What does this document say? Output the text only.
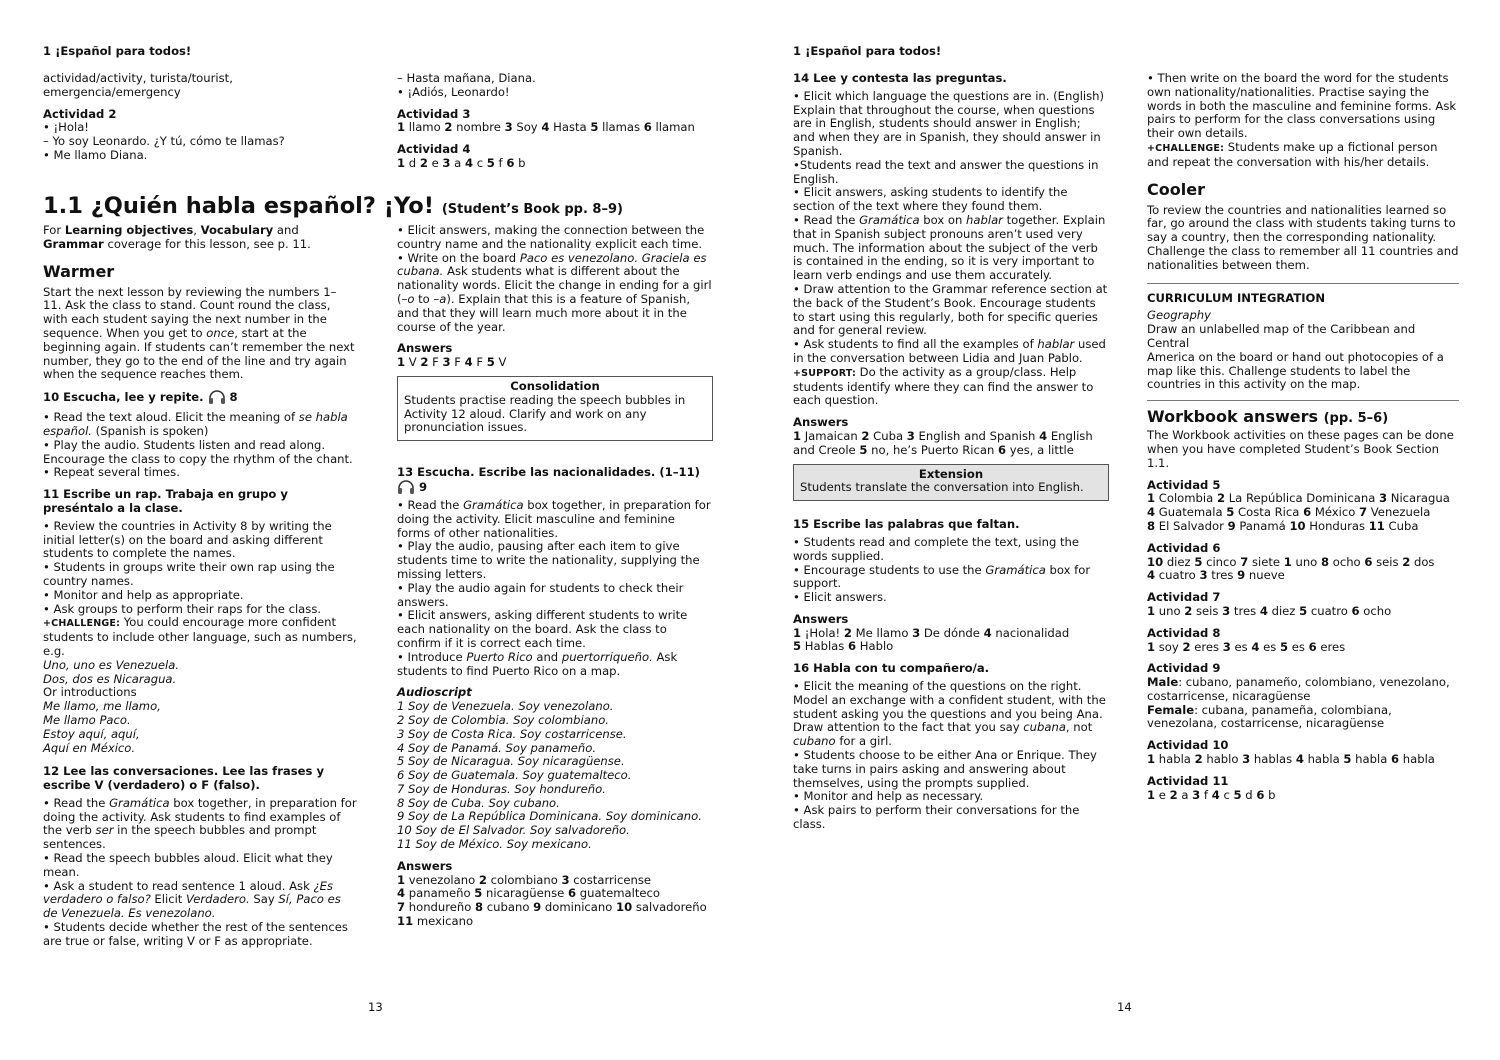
1 ¡Español para todos!

actividad/activity, turista/tourist,

emergencia/emergency

Actividad 2

• ¡Hola!

– Yo soy Leonardo. ¿Y tú, cómo te llamas?

• Me llamo Diana.

– Hasta mañana, Diana.

• ¡Adiós, Leonardo!

Actividad 3

1 llamo 2 nombre 3 Soy 4 Hasta 5 llamas 6 llaman

Actividad 4

1 d 2 e 3 a 4 c 5 f 6 b

1.1 ¿Quién habla español? ¡Yo! (Student’s Book pp. 8–9)

For Learning objectives, Vocabulary and

Grammar coverage for this lesson, see p. 11.

Warmer

Start the next lesson by reviewing the numbers 1–

11. Ask the class to stand. Count round the class,

with each student saying the next number in the

sequence. When you get to once, start at the

beginning again. If students can’t remember the next

number, they go to the end of the line and try again

when the sequence reaches them.

10 Escucha, lee y repite. 8

• Read the text aloud. Elicit the meaning of se habla

español. (Spanish is spoken)

• Play the audio. Students listen and read along.

Encourage the class to copy the rhythm of the chant.

• Repeat several times.

11 Escribe un rap. Trabaja en grupo y

preséntalo a la clase.

• Review the countries in Activity 8 by writing the

initial letter(s) on the board and asking different

students to complete the names.

• Students in groups write their own rap using the

country names.

• Monitor and help as appropriate.

• Ask groups to perform their raps for the class.

+CHALLENGE: You could encourage more confident

students to include other language, such as numbers,

e.g.

Uno, uno es Venezuela.

Dos, dos es Nicaragua.

Or introductions

Me llamo, me llamo,

Me llamo Paco.

Estoy aquí, aquí,

Aquí en México.

12 Lee las conversaciones. Lee las frases y

escribe V (verdadero) o F (falso).

• Read the Gramática box together, in preparation for

doing the activity. Ask students to find examples of

the verb ser in the speech bubbles and prompt

sentences.

• Read the speech bubbles aloud. Elicit what they

mean.

• Ask a student to read sentence 1 aloud. Ask ¿Es

verdadero o falso? Elicit Verdadero. Say Sí, Paco es

de Venezuela. Es venezolano.

• Students decide whether the rest of the sentences

are true or false, writing V or F as appropriate.

• Elicit answers, making the connection between the

country name and the nationality explicit each time.

• Write on the board Paco es venezolano. Graciela es

cubana. Ask students what is different about the

nationality words. Elicit the change in ending for a girl

(–o to –a). Explain that this is a feature of Spanish,

and that they will learn much more about it in the

course of the year.

Answers

1 V 2 F 3 F 4 F 5 V

Consolidation

Students practise reading the speech bubbles in

Activity 12 aloud. Clarify and work on any

pronunciation issues.

13 Escucha. Escribe las nacionalidades. (1–11)

9

• Read the Gramática box together, in preparation for

doing the activity. Elicit masculine and feminine

forms of other nationalities.

• Play the audio, pausing after each item to give

students time to write the nationality, supplying the

missing letters.

• Play the audio again for students to check their

answers.

• Elicit answers, asking different students to write

each nationality on the board. Ask the class to

confirm if it is correct each time.

• Introduce Puerto Rico and puertorriqueño. Ask

students to find Puerto Rico on a map.

Audioscript

1 Soy de Venezuela. Soy venezolano.

2 Soy de Colombia. Soy colombiano.

3 Soy de Costa Rica. Soy costarricense.

4 Soy de Panamá. Soy panameño.

5 Soy de Nicaragua. Soy nicaragüense.

6 Soy de Guatemala. Soy guatemalteco.

7 Soy de Honduras. Soy hondureño.

8 Soy de Cuba. Soy cubano.

9 Soy de La República Dominicana. Soy dominicano.

10 Soy de El Salvador. Soy salvadoreño.

11 Soy de México. Soy mexicano.

Answers

1 venezolano 2 colombiano 3 costarricense

4 panameño 5 nicaragüense 6 guatemalteco

7 hondureño 8 cubano 9 dominicano 10 salvadoreño

11 mexicano

13
1 ¡Español para todos!

14 Lee y contesta las preguntas.

• Elicit which language the questions are in. (English)

Explain that throughout the course, when questions

are in English, students should answer in English;

and when they are in Spanish, they should answer in

Spanish.

•Students read the text and answer the questions in

English.

• Elicit answers, asking students to identify the

section of the text where they found them.

• Read the Gramática box on hablar together. Explain

that in Spanish subject pronouns aren’t used very

much. The information about the subject of the verb

is contained in the ending, so it is very important to

learn verb endings and use them accurately.

• Draw attention to the Grammar reference section at

the back of the Student’s Book. Encourage students

to start using this regularly, both for specific queries

and for general review.

• Ask students to find all the examples of hablar used

in the conversation between Lidia and Juan Pablo.

+SUPPORT: Do the activity as a group/class. Help

students identify where they can find the answer to

each question.

Answers

1 Jamaican 2 Cuba 3 English and Spanish 4 English

and Creole 5 no, he’s Puerto Rican 6 yes, a little

Extension

Students translate the conversation into English.

15 Escribe las palabras que faltan.

• Students read and complete the text, using the

words supplied.

• Encourage students to use the Gramática box for

support.

• Elicit answers.

Answers

1 ¡Hola! 2 Me llamo 3 De dónde 4 nacionalidad

5 Hablas 6 Hablo

16 Habla con tu compañero/a.

• Elicit the meaning of the questions on the right.

Model an exchange with a confident student, with the

student asking you the questions and you being Ana.

Draw attention to the fact that you say cubana, not

cubano for a girl.

• Students choose to be either Ana or Enrique. They

take turns in pairs asking and answering about

themselves, using the prompts supplied.

• Monitor and help as necessary.

• Ask pairs to perform their conversations for the

class.

• Then write on the board the word for the students

own nationality/nationalities. Practise saying the

words in both the masculine and feminine forms. Ask

pairs to perform for the class conversations using

their own details.

+CHALLENGE: Students make up a fictional person

and repeat the conversation with his/her details.

Cooler

To review the countries and nationalities learned so

far, go around the class with students taking turns to

say a country, then the corresponding nationality.

Challenge the class to remember all 11 countries and

nationalities between them.

CURRICULUM INTEGRATION

Geography

Draw an unlabelled map of the Caribbean and Central

America on the board or hand out photocopies of a

map like this. Challenge students to label the

countries in this activity on the map.

Workbook answers (pp. 5–6)

The Workbook activities on these pages can be done

when you have completed Student’s Book Section

1.1.

Actividad 5

1 Colombia 2 La República Dominicana 3 Nicaragua

4 Guatemala 5 Costa Rica 6 México 7 Venezuela

8 El Salvador 9 Panamá 10 Honduras 11 Cuba

Actividad 6

10 diez 5 cinco 7 siete 1 uno 8 ocho 6 seis 2 dos

4 cuatro 3 tres 9 nueve

Actividad 7

1 uno 2 seis 3 tres 4 diez 5 cuatro 6 ocho

Actividad 8

1 soy 2 eres 3 es 4 es 5 es 6 eres

Actividad 9

Male: cubano, panameño, colombiano, venezolano,

costarricense, nicaragüense

Female: cubana, panameña, colombiana,

venezolana, costarricense, nicaragüense

Actividad 10

1 habla 2 hablo 3 hablas 4 habla 5 habla 6 habla

Actividad 11

1 e 2 a 3 f 4 c 5 d 6 b

14
